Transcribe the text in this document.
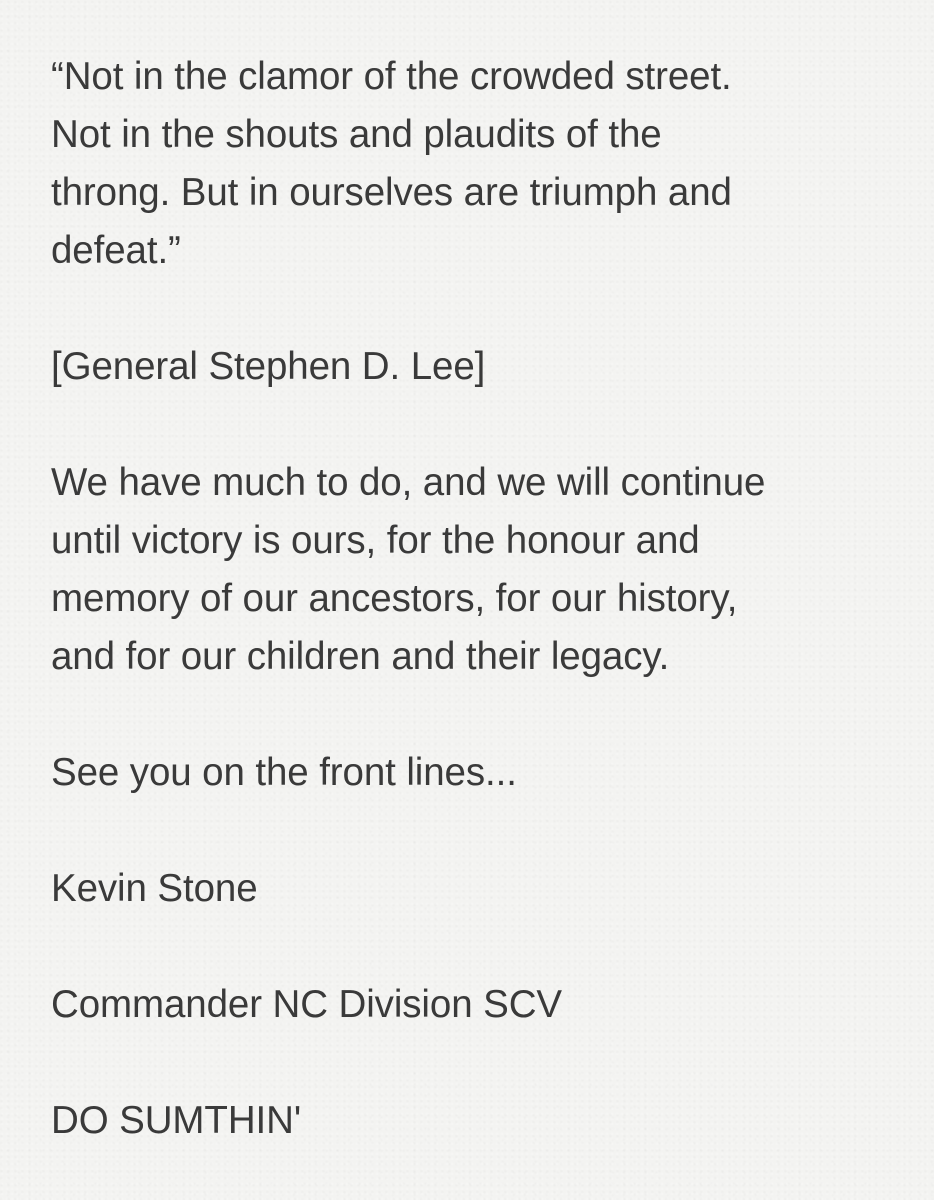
“Not in the clamor of the crowded street.
Not in the shouts and plaudits of the
throng. But in ourselves are triumph and
defeat.”
[General Stephen D. Lee]
We have much to do, and we will continue
until victory is ours, for the honour and
memory of our ancestors, for our history,
and for our children and their legacy.
See you on the front lines...
Kevin Stone
Commander NC Division SCV
DO SUMTHIN'
